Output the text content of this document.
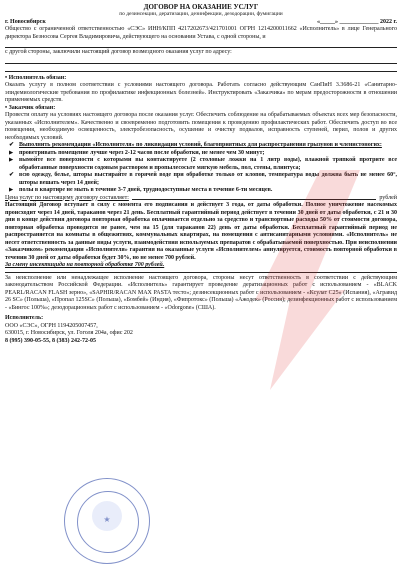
ДОГОВОР НА ОКАЗАНИЕ УСЛУГ
по дезинсекции, дератизации, дезинфекции, дезодорации, фумигации
г. Новосибирск	«_____» _____________ 2022 г.
Общество с ограниченной ответственностью «СЭС» ИНН/КПП 4217202673/421701001 ОГРН 1214200011662 «Исполнитель» в лице Генерального директора Безносова Сергея Владимировича, действующего на основании Устава, с одной стороны, и
с другой стороны, заключили настоящий договор возмездного оказания услуг по адресу:
• Исполнитель обязан:
Оказать услугу в полном соответствии с условиями настоящего договора. Работать согласно действующим СанПиН 3.3686-21 «Санитарно-эпидемиологические требования по профилактике инфекционных болезней». Инструктировать «Заказчика» по мерам предосторожности в отношении применяемых средств.
• Заказчик обязан:
Провести оплату на условиях настоящего договора после оказания услуг. Обеспечить соблюдение на обрабатываемых объектах всех мер безопасности, указанных «Исполнителем». Качественно и своевременно подготовить помещения к проведению профилактических работ. Обеспечить доступ во все помещения, необходимую освещенность, электробезопасность, осушение и очистку подвалов, исправность ступеней, перил, полов и других необходимых условий.
✔ Выполнить рекомендации «Исполнителя» по ликвидации условий, благоприятных для распространения грызунов и членистоногих:
▶ проветривать помещение лучше через 2-12 часов после обработки, не менее чем 30 минут;
▶ вымойте все поверхности с которыми вы контактируете (2 столовые ложки на 1 литр воды), влажной тряпкой протрите все обработанные поверхности содовым раствором и пропылесосьте мягкую мебель, пол, стены, плинтуса;
✔ всю одежду, белье, шторы выстирайте в горячей воде при обработке только от клопов, температура воды должна быть не менее 60°, шторы вешать через 14 дней;
▶ полы в квартире не мыть в течение 3-7 дней, труднодоступные места в течение 6-ти месяцев.
Цена услуг по настоящему договору составляет:	рублей
Настоящий Договор вступает в силу с момента его подписания и действует 3 года, от даты обработки. Полное уничтожение насекомых происходит через 14 дней, тараканов через 21 день. Бесплатный гарантийный период действует в течении 30 дней от даты обработки, с 21 и 30 дни в конце действия договора повторная обработка оплачивается отдельно за средство и транспортные расходы 50% от стоимости договора, повторная обработка проводится не ранее, чем на 15 (для тараканов 22) день от даты обработки. Бесплатный гарантийный период не распространяется на комнаты в общежитиях, коммунальных квартирах, на помещения с антисанитарными условиями. «Исполнитель» не несет ответственность за данные виды услуги, взаимодействия используемых препаратов с обрабатываемой поверхностью. При неисполнении «Заказчиком» рекомендации «Исполнителя» гарантия на оказанные услуги «Исполнителем» аннулируется, стоимость повторной обработки в течении 30 дней от даты обработки будет 30%, но не менее 700 рублей.
За смену инсектицида на повторной обработке 700 рублей.
За неисполнение или ненадлежащее исполнение настоящего договора, стороны несут ответственность в соответствии с действующим законодательством Российской Федерации. «Исполнитель» гарантирует проведение дератизационных работ с использованием - «BLACK PEARL/RACAN FLASH зерно», «SAPHIR/RACAN MAX PASTA тесто»; дезинсекционных работ с использованием - «Ксулат С25» (Испания), «Агравид 26 SC» (Польша), «Пропал 125SC» (Польша), «Бомбей» (Индия), «Фипротокс» (Польша) «Ажодек» (Россия); дезинфекционных работ с использованием - «Бингос 100%»; дезодорационных работ с использованием - «Odorgone» (США).
Исполнитель:
ООО «СЭС», ОГРН 1194205007457,
630015, г. Новосибирск, ул. Гоголя 204а, офис 202
8 (995) 390-05-55, 8 (383) 242-72-05
★
